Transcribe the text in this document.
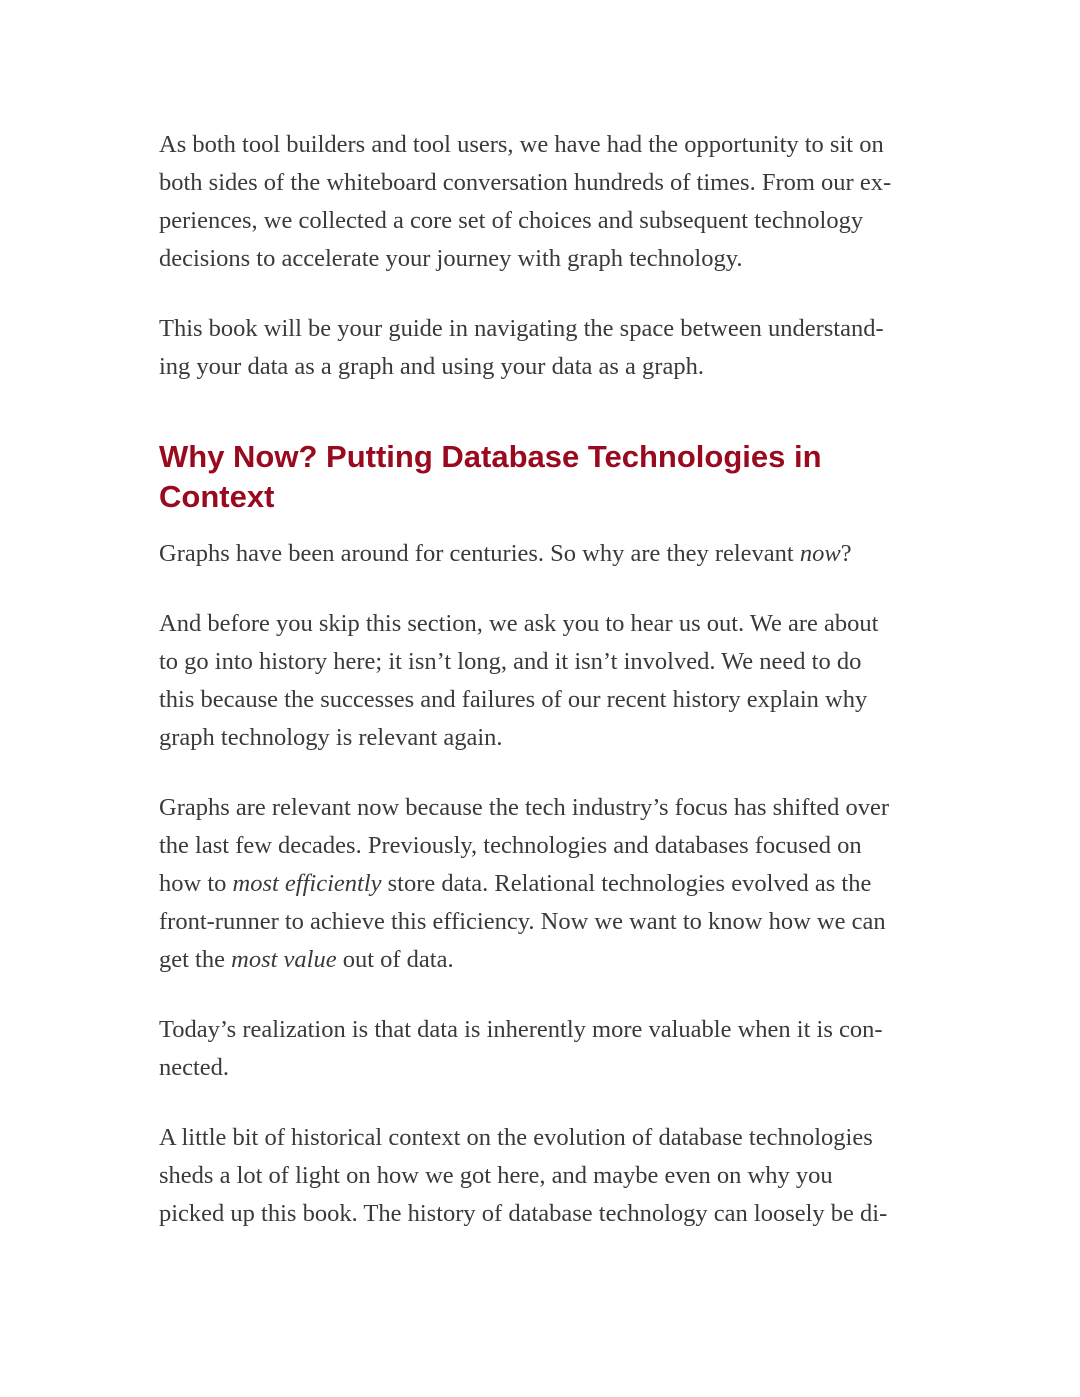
As both tool builders and tool users, we have had the opportunity to sit on
both sides of the whiteboard conversation hundreds of times. From our ex-
periences, we collected a core set of choices and subsequent technology
decisions to accelerate your journey with graph technology.
This book will be your guide in navigating the space between understand-
ing your data as a graph and using your data as a graph.
Why Now? Putting Database Technologies in
Context
Graphs have been around for centuries. So why are they relevant now?
And before you skip this section, we ask you to hear us out. We are about
to go into history here; it isn’t long, and it isn’t involved. We need to do
this because the successes and failures of our recent history explain why
graph technology is relevant again.
Graphs are relevant now because the tech industry’s focus has shifted over
the last few decades. Previously, technologies and databases focused on
how to most efficiently store data. Relational technologies evolved as the
front-runner to achieve this efficiency. Now we want to know how we can
get the most value out of data.
Today’s realization is that data is inherently more valuable when it is con-
nected.
A little bit of historical context on the evolution of database technologies
sheds a lot of light on how we got here, and maybe even on why you
picked up this book. The history of database technology can loosely be di-
